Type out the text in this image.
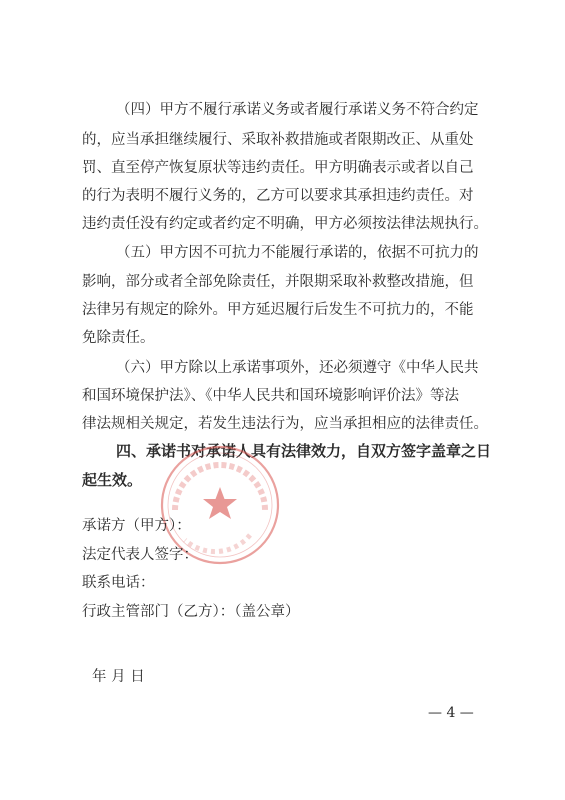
（四）甲方不履行承诺义务或者履行承诺义务不符合约定
的，应当承担继续履行、采取补救措施或者限期改正、从重处
罚、直至停产恢复原状等违约责任。甲方明确表示或者以自己
的行为表明不履行义务的，乙方可以要求其承担违约责任。对
违约责任没有约定或者约定不明确，甲方必须按法律法规执行。
（五）甲方因不可抗力不能履行承诺的，依据不可抗力的
影响，部分或者全部免除责任，并限期采取补救整改措施，但
法律另有规定的除外。甲方延迟履行后发生不可抗力的，不能
免除责任。
（六）甲方除以上承诺事项外，还必须遵守《中华人民共
和国环境保护法》、《中华人民共和国环境影响评价法》等法
律法规相关规定，若发生违法行为，应当承担相应的法律责任。
四、承诺书对承诺人具有法律效力，自双方签字盖章之日
起生效。
承诺方（甲方）：
法定代表人签字：
联系电话：
行政主管部门（乙方）：（盖公章）
年 月 日
— 4 —
